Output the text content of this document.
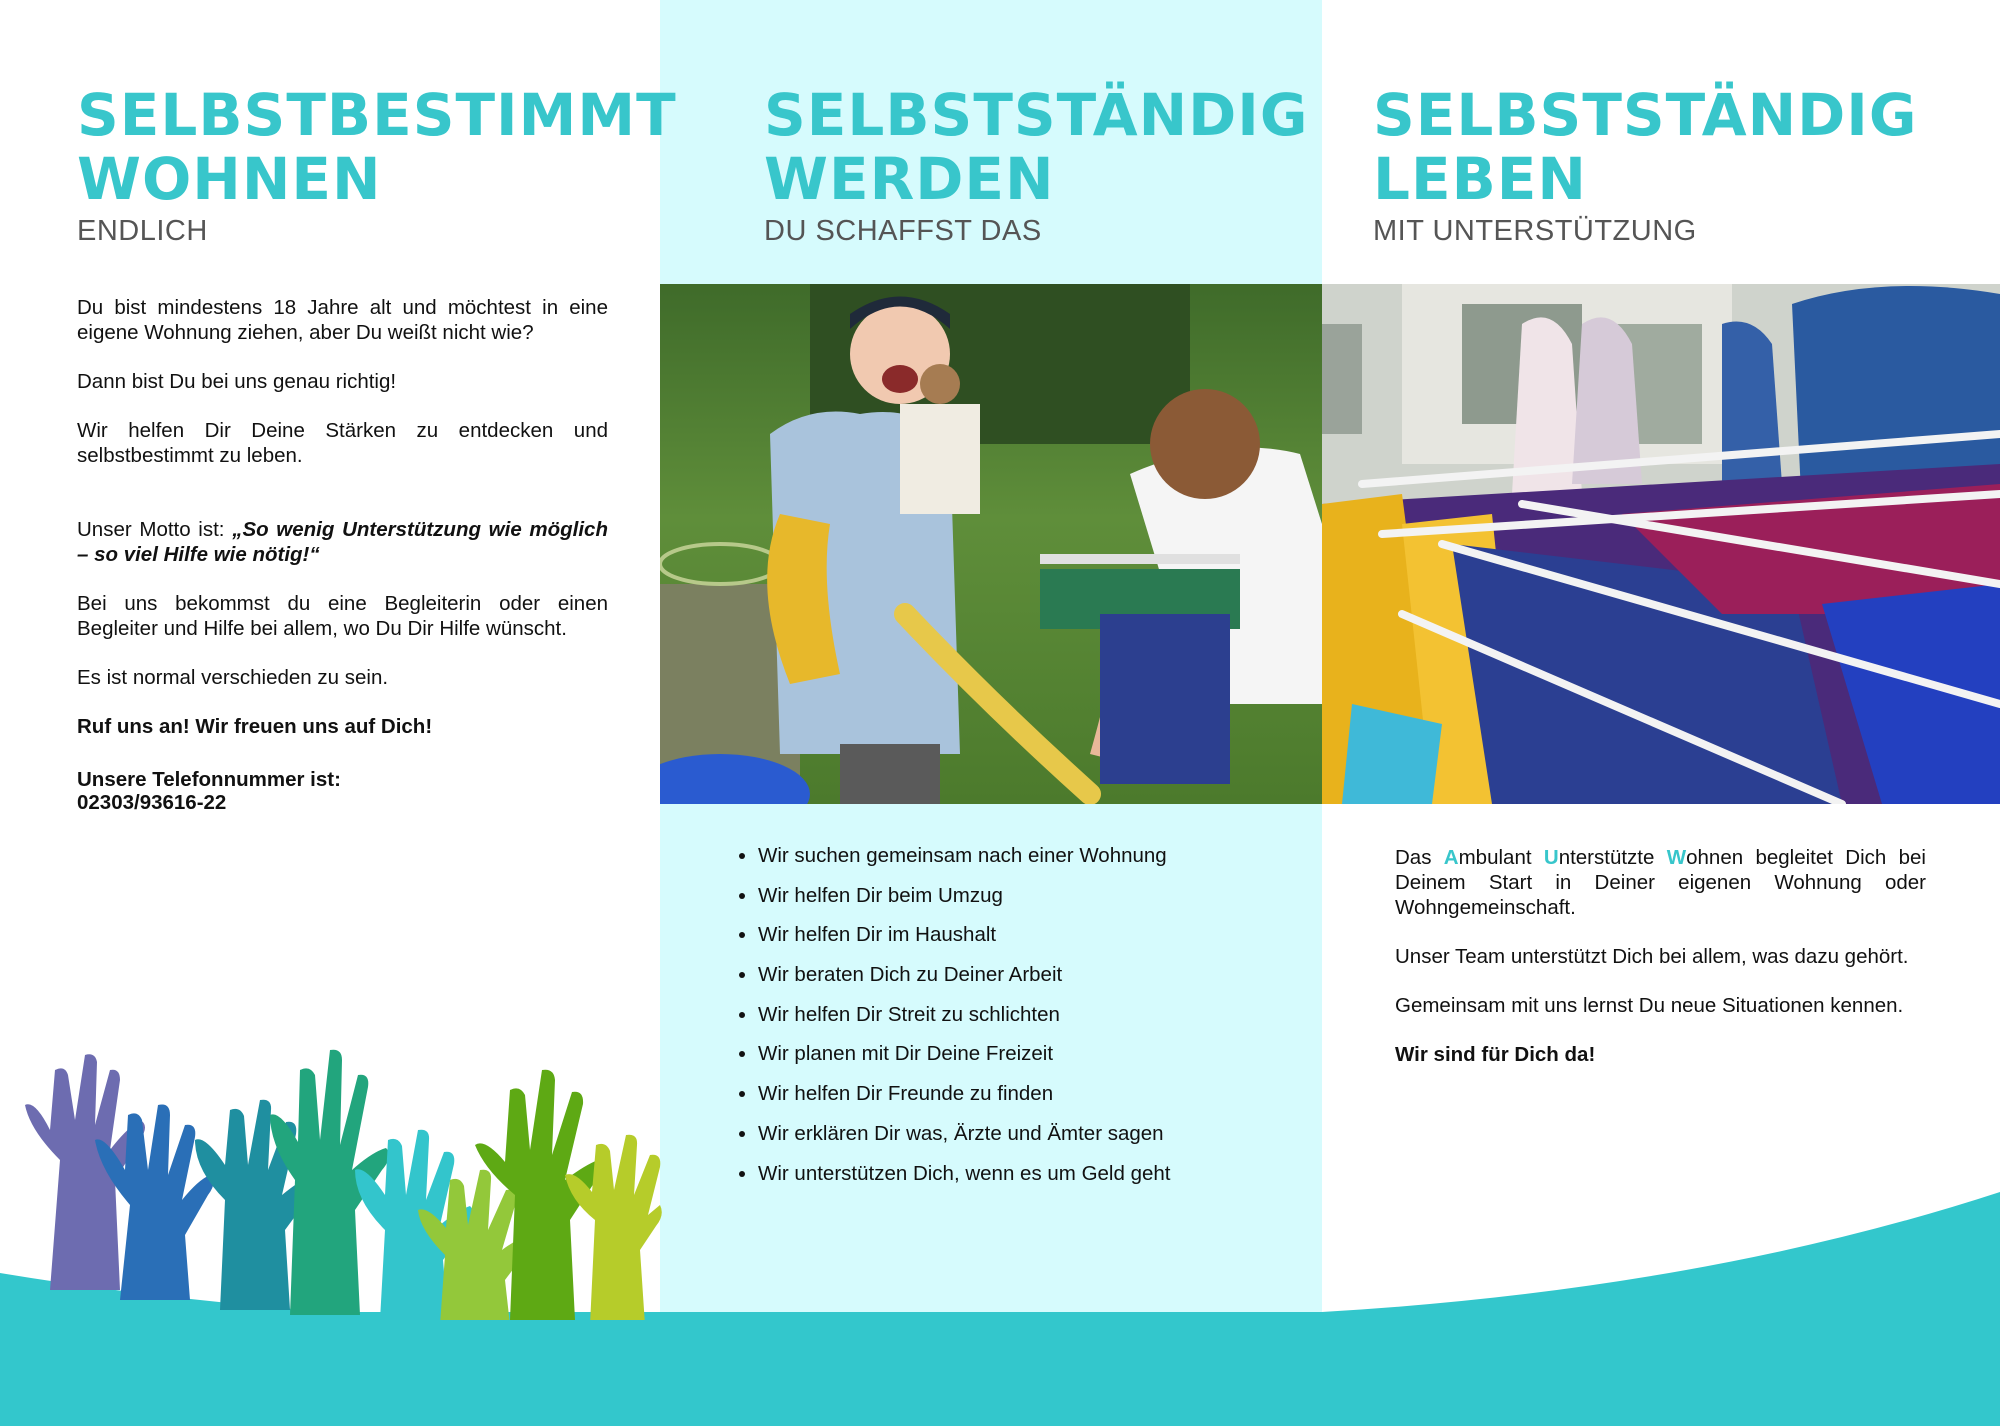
SELBSTBESTIMMT
WOHNEN
ENDLICH

Du bist mindestens 18 Jahre alt und möchtest in eine eigene Wohnung ziehen, aber Du weißt nicht wie?

Dann bist Du bei uns genau richtig!

Wir helfen Dir Deine Stärken zu entdecken und selbstbestimmt zu leben.

Unser Motto ist: „So wenig Unterstützung wie möglich – so viel Hilfe wie nötig!“

Bei uns bekommst du eine Begleiterin oder einen Begleiter und Hilfe bei allem, wo Du Dir Hilfe wünscht.

Es ist normal verschieden zu sein.

Ruf uns an! Wir freuen uns auf Dich!

Unsere Telefonnummer ist:
02303/93616-22

SELBSTSTÄNDIG
WERDEN
DU SCHAFFST DAS
• Wir suchen gemeinsam nach einer Wohnung
• Wir helfen Dir beim Umzug
• Wir helfen Dir im Haushalt
• Wir beraten Dich zu Deiner Arbeit
• Wir helfen Dir Streit zu schlichten
• Wir planen mit Dir Deine Freizeit
• Wir helfen Dir Freunde zu finden
• Wir erklären Dir was, Ärzte und Ämter sagen
• Wir unterstützen Dich, wenn es um Geld geht
SELBSTSTÄNDIG
LEBEN
MIT UNTERSTÜTZUNG

Das Ambulant Unterstützte Wohnen begleitet Dich bei Deinem Start in Deiner eigenen Wohnung oder Wohngemeinschaft.

Unser Team unterstützt Dich bei allem, was dazu gehört.

Gemeinsam mit uns lernst Du neue Situationen kennen.

Wir sind für Dich da!
